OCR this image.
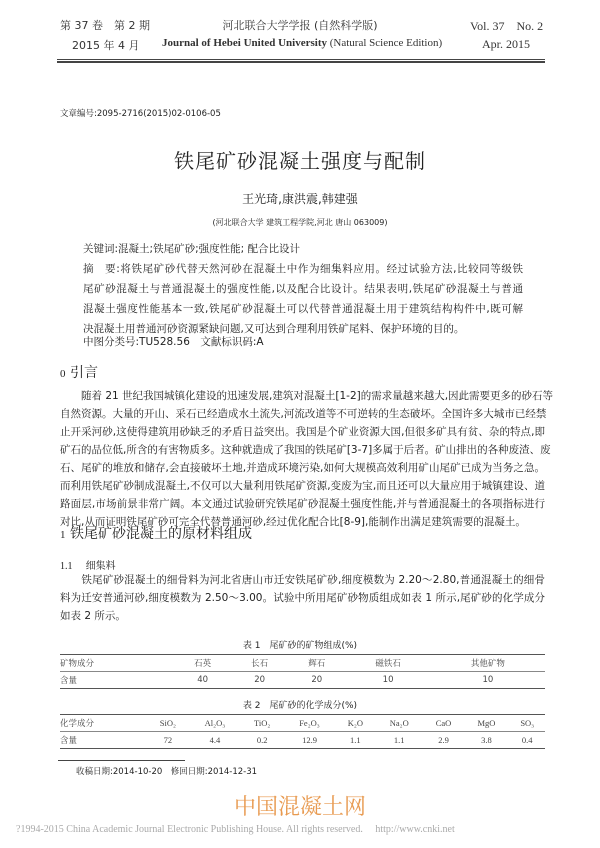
第 37 卷　第 2 期
2015 年 4 月
河北联合大学学报 (自然科学版)
Journal of Hebei United University (Natural Science Edition)
Vol. 37　No. 2
Apr. 2015
文章编号:2095-2716(2015)02-0106-05
铁尾矿砂混凝土强度与配制
王光琦,康洪震,韩建强
(河北联合大学 建筑工程学院,河北 唐山 063009)
关键词:混凝土;铁尾矿砂;强度性能; 配合比设计
摘　要:将铁尾矿砂代替天然河砂在混凝土中作为细集料应用。经过试验方法,比较同等级铁
尾矿砂混凝土与普通混凝土的强度性能,以及配合比设计。结果表明,铁尾矿砂混凝土与普通
混凝土强度性能基本一致,铁尾矿砂混凝土可以代替普通混凝土用于建筑结构构件中,既可解
决混凝土用普通河砂资源紧缺问题,又可达到合理利用铁矿尾料、保护环境的目的。
中图分类号:TU528.56　文献标识码:A
0 引言
　　随着 21 世纪我国城镇化建设的迅速发展,建筑对混凝土[1-2]的需求量越来越大,因此需要更多的砂石等
自然资源。大量的开山、采石已经造成水土流失,河流改道等不可逆转的生态破坏。全国许多大城市已经禁
止开采河砂,这使得建筑用砂缺乏的矛盾日益突出。我国是个矿业资源大国,但很多矿具有贫、杂的特点,即
矿石的品位低,所含的有害物质多。这种就造成了我国的铁尾矿[3-7]多属于后者。矿山排出的各种废渣、废
石、尾矿的堆放和储存,会直接破坏土地,并造成环境污染,如何大规模高效利用矿山尾矿已成为当务之急。
而利用铁尾矿砂制成混凝土,不仅可以大量利用铁尾矿资源,变废为宝,而且还可以大量应用于城镇建设、道
路面层,市场前景非常广阔。本文通过试验研究铁尾矿砂混凝土强度性能,并与普通混凝土的各项指标进行
对比,从而证明铁尾矿砂可完全代替普通河砂,经过优化配合比[8-9],能制作出满足建筑需要的混凝土。
1 铁尾矿砂混凝土的原材料组成
1.1　 细集料
　　铁尾矿砂混凝土的细骨料为河北省唐山市迁安铁尾矿砂,细度模数为 2.20～2.80,普通混凝土的细骨
料为迁安普通河砂,细度模数为 2.50～3.00。试验中所用尾矿砂物质组成如表 1 所示,尾矿砂的化学成分
如表 2 所示。
表 1　尾矿砂的矿物组成(%)
矿物成分	石英	长石	辉石	磁铁石	其他矿物
含量	40	20	20	10	10
表 2　尾矿砂的化学成分(%)
化学成分	SiO₂	Al₂O₃	TiO₂	Fe₂O₃	K₂O	Na₂O	CaO	MgO	SO₃
含量	72	4.4	0.2	12.9	1.1	1.1	2.9	3.8	0.4
收稿日期:2014-10-20　修回日期:2014-12-31
中国混凝土网
?1994-2015 China Academic Journal Electronic Publishing House. All rights reserved.　 http://www.cnki.net
